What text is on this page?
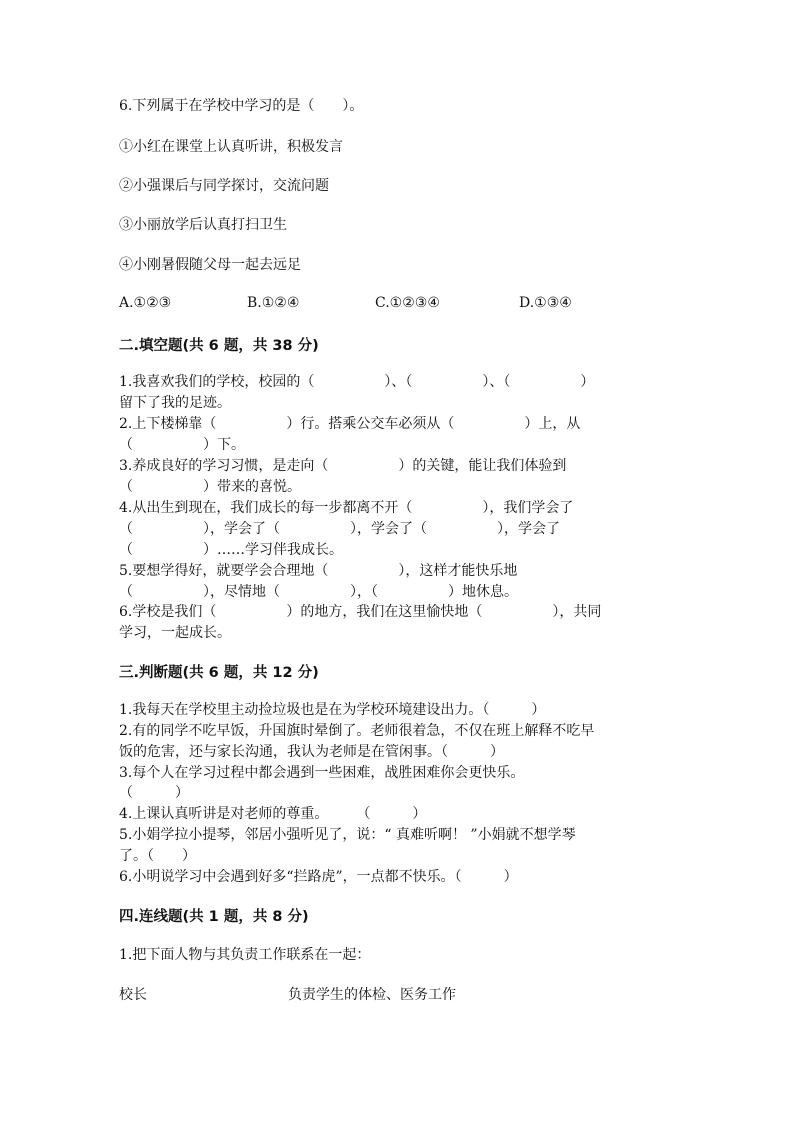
6.下列属于在学校中学习的是（　　）。
①小红在课堂上认真听讲，积极发言
②小强课后与同学探讨，交流问题
③小丽放学后认真打扫卫生
④小刚暑假随父母一起去远足
A.①②③	B.①②④	C.①②③④	D.①③④
二.填空题(共 6 题，共 38 分)
1.我喜欢我们的学校，校园的（　　　　　）、（　　　　　）、（　　　　　）
留下了我的足迹。
2.上下楼梯靠（　　　　　）行。搭乘公交车必须从（　　　　　）上，从
（　　　　　）下。
3.养成良好的学习习惯，是走向（　　　　　）的关键，能让我们体验到
（　　　　　）带来的喜悦。
4.从出生到现在，我们成长的每一步都离不开（　　　　　），我们学会了
（　　　　　），学会了（　　　　　），学会了（　　　　　），学会了
（　　　　　）……学习伴我成长。
5.要想学得好，就要学会合理地（　　　　　），这样才能快乐地
（　　　　　），尽情地（　　　　　），（　　　　　）地休息。
6.学校是我们（　　　　　）的地方，我们在这里愉快地（　　　　　），共同
学习，一起成长。
三.判断题(共 6 题，共 12 分)
1.我每天在学校里主动捡垃圾也是在为学校环境建设出力。（　　　）
2.有的同学不吃早饭，升国旗时晕倒了。老师很着急，不仅在班上解释不吃早
饭的危害，还与家长沟通，我认为老师是在管闲事。（　　　）
3.每个人在学习过程中都会遇到一些困难，战胜困难你会更快乐。
（　　　）
4.上课认真听讲是对老师的尊重。　　　（　　　）
5.小娟学拉小提琴，邻居小强听见了，说：“ 真难听啊！ ”小娟就不想学琴
了。（　　）
6.小明说学习中会遇到好多“拦路虎”，一点都不快乐。（　　　）
四.连线题(共 1 题，共 8 分)
1.把下面人物与其负责工作联系在一起：
校长	负责学生的体检、医务工作
